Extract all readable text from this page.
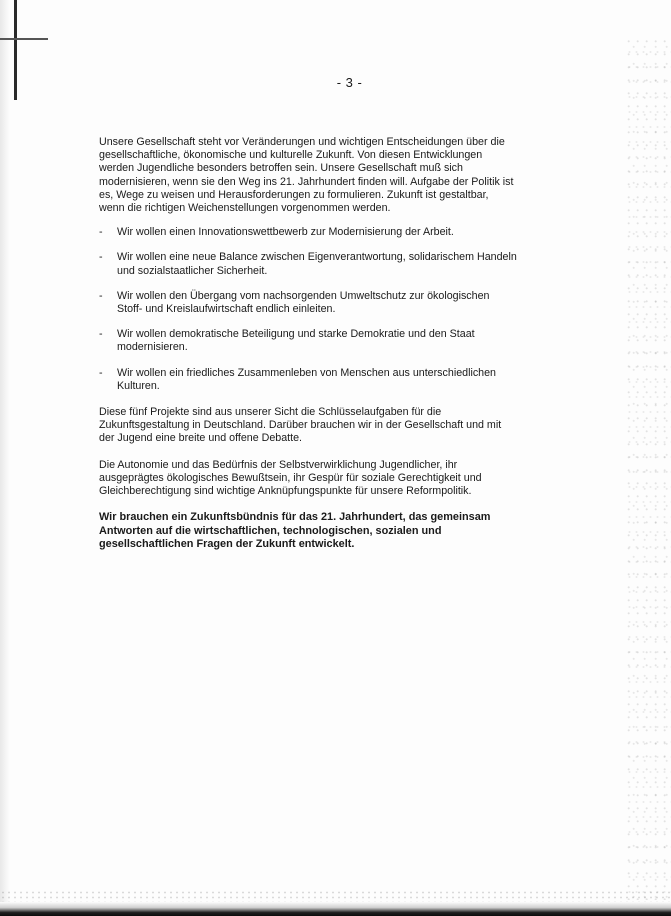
- 3 -

Unsere Gesellschaft steht vor Veränderungen und wichtigen Entscheidungen über die gesellschaftliche, ökonomische und kulturelle Zukunft. Von diesen Entwicklungen werden Jugendliche besonders betroffen sein. Unsere Gesellschaft muß sich modernisieren, wenn sie den Weg ins 21. Jahrhundert finden will. Aufgabe der Politik ist es, Wege zu weisen und Herausforderungen zu formulieren. Zukunft ist gestaltbar, wenn die richtigen Weichenstellungen vorgenommen werden.

- Wir wollen einen Innovationswettbewerb zur Modernisierung der Arbeit.
- Wir wollen eine neue Balance zwischen Eigenverantwortung, solidarischem Handeln und sozialstaatlicher Sicherheit.
- Wir wollen den Übergang vom nachsorgenden Umweltschutz zur ökologischen Stoff- und Kreislaufwirtschaft endlich einleiten.
- Wir wollen demokratische Beteiligung und starke Demokratie und den Staat modernisieren.
- Wir wollen ein friedliches Zusammenleben von Menschen aus unterschiedlichen Kulturen.

Diese fünf Projekte sind aus unserer Sicht die Schlüsselaufgaben für die Zukunftsgestaltung in Deutschland. Darüber brauchen wir in der Gesellschaft und mit der Jugend eine breite und offene Debatte.

Die Autonomie und das Bedürfnis der Selbstverwirklichung Jugendlicher, ihr ausgeprägtes ökologisches Bewußtsein, ihr Gespür für soziale Gerechtigkeit und Gleichberechtigung sind wichtige Anknüpfungspunkte für unsere Reformpolitik.

Wir brauchen ein Zukunftsbündnis für das 21. Jahrhundert, das gemeinsam Antworten auf die wirtschaftlichen, technologischen, sozialen und gesellschaftlichen Fragen der Zukunft entwickelt.
